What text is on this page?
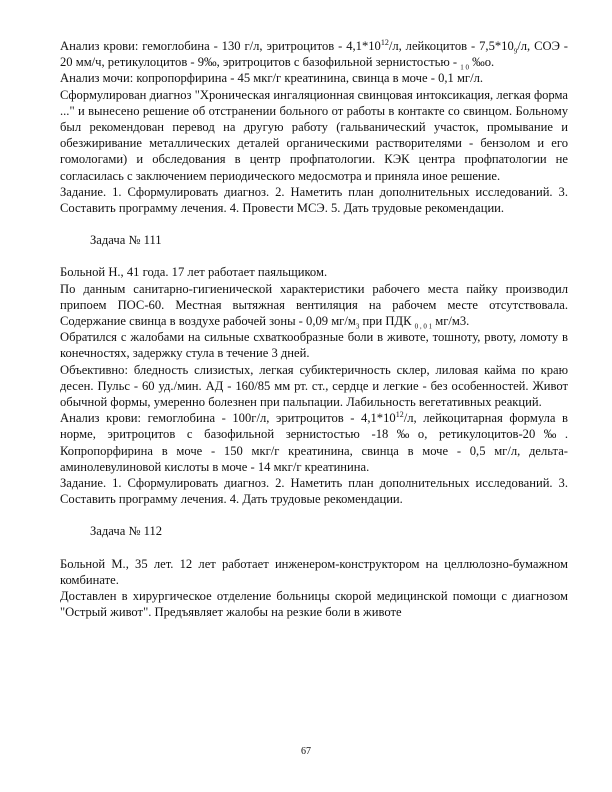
Анализ крови: гемоглобина - 130 г/л, эритроцитов - $4,1*10^{12}/л$, лейкоцитов - $7,5*10_9/л$, СОЭ - 20 мм/ч, ретикулоцитов - 9‰, эритроцитов с базофильной зернистостью - $_{1 0}$ ‰о.

Анализ мочи: копропорфирина - 45 мкг/г креатинина, свинца в моче - 0,1 мг/л.

Сформулирован диагноз "Хроническая ингаляционная свинцовая интоксикация, легкая форма ..." и вынесено решение об отстранении больного от работы в контакте со свинцом. Больному был рекомендован перевод на другую работу (гальванический участок, промывание и обезжиривание металлических деталей органическими растворителями - бензолом и его гомологами) и обследования в центр профпатологии. КЭК центра профпатологии не согласилась с заключением периодического медосмотра и приняла иное решение.

Задание. 1. Сформулировать диагноз. 2. Наметить план дополнительных исследований. 3. Составить программу лечения. 4. Провести МСЭ. 5. Дать трудовые рекомендации.

Задача № 111

Больной Н., 41 года. 17 лет работает паяльщиком.

По данным санитарно-гигиенической характеристики рабочего места пайку производил припоем ПОС-60. Местная вытяжная вентиляция на рабочем месте отсутствовала. Содержание свинца в воздухе рабочей зоны - 0,09 $мг/м_3$ при ПДК $_{0 , 0 1}$ мг/м3.

Обратился с жалобами на сильные схваткообразные боли в животе, тошноту, рвоту, ломоту в конечностях, задержку стула в течение 3 дней.

Объективно: бледность слизистых, легкая субиктеричность склер, лиловая кайма по краю десен. Пульс - 60 уд./мин. АД - 160/85 мм рт. ст., сердце и легкие - без особенностей. Живот обычной формы, умеренно болезнен при пальпации. Лабильность вегетативных реакций.

Анализ крови: гемоглобина - 100г/л, эритроцитов - $4,1*10^{12}/л$, лейкоцитарная формула в норме, эритроцитов с базофильной зернистостью -18‰о, ретикулоцитов-20‰. Копропорфирина в моче - 150 мкг/г креатинина, свинца в моче - 0,5 мг/л, дельта-аминолевулиновой кислоты в моче - 14 мкг/г креатинина.

Задание. 1. Сформулировать диагноз. 2. Наметить план дополнительных исследований. 3. Составить программу лечения. 4. Дать трудовые рекомендации.

Задача № 112

Больной М., 35 лет. 12 лет работает инженером-конструктором на целлюлозно-бумажном комбинате.

Доставлен в хирургическое отделение больницы скорой медицинской помощи с диагнозом "Острый живот". Предъявляет жалобы на резкие боли в животе

67
